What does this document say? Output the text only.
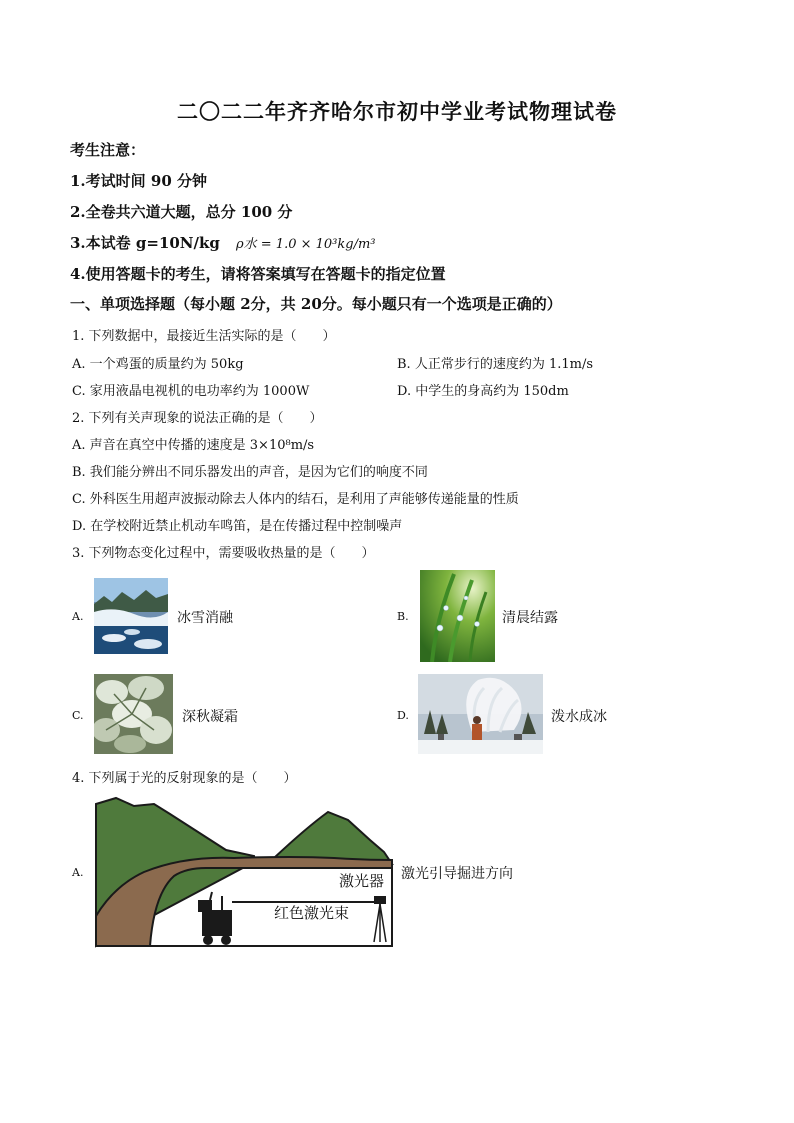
二〇二二年齐齐哈尔市初中学业考试物理试卷
考生注意：
1.考试时间 90 分钟
2.全卷共六道大题，总分 100 分
3.本试卷 g=10N/kg ρ水 = 1.0 × 10³kg/m³
4.使用答题卡的考生，请将答案填写在答题卡的指定位置
一、单项选择题（每小题 2分，共 20分。每小题只有一个选项是正确的）
1. 下列数据中，最接近生活实际的是（　　）
A. 一个鸡蛋的质量约为 50kg	B. 人正常步行的速度约为 1.1m/s
C. 家用液晶电视机的电功率约为 1000W	D. 中学生的身高约为 150dm
2. 下列有关声现象的说法正确的是（　　）
A. 声音在真空中传播的速度是 3×10⁸m/s
B. 我们能分辨出不同乐器发出的声音，是因为它们的响度不同
C. 外科医生用超声波振动除去人体内的结石，是利用了声能够传递能量的性质
D. 在学校附近禁止机动车鸣笛，是在传播过程中控制噪声
3. 下列物态变化过程中，需要吸收热量的是（　　）
A.	冰雪消融	B.	清晨结露
C.	深秋凝霜	D.	泼水成冰
4. 下列属于光的反射现象的是（　　）
A.	激光器
红色激光束
激光引导掘进方向
